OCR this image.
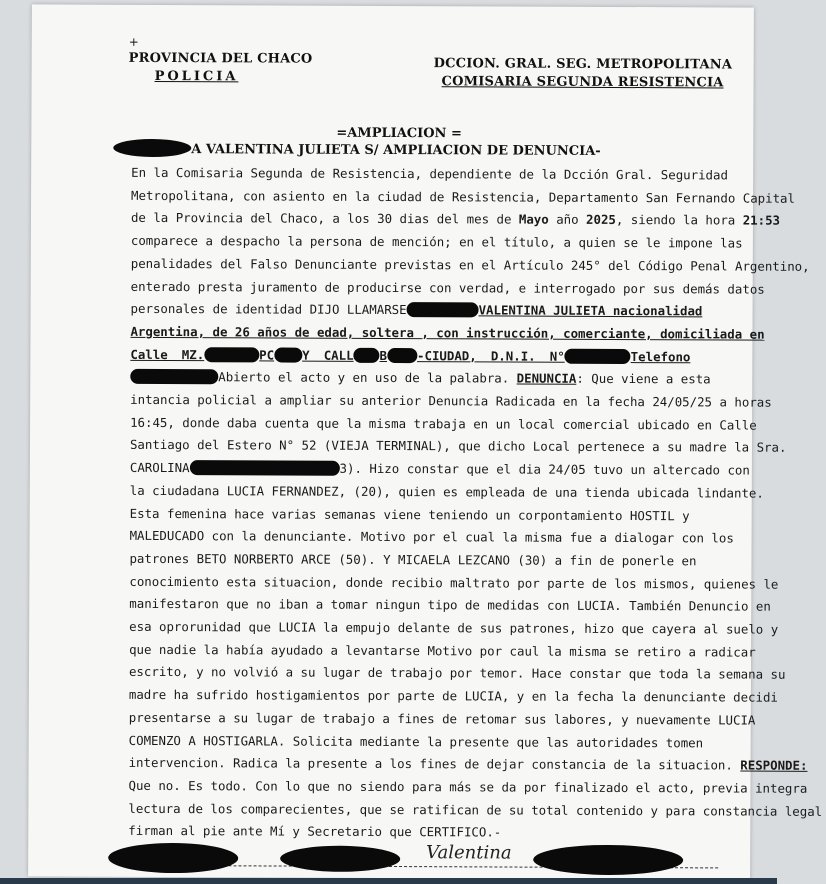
+
PROVINCIA DEL CHACO
POLICIA
DCCION. GRAL. SEG. METROPOLITANA
COMISARIA SEGUNDA RESISTENCIA
=AMPLIACION =
A VALENTINA JULIETA S/ AMPLIACION DE DENUNCIA-
En la Comisaria Segunda de Resistencia, dependiente de la Dcción Gral. Seguridad
Metropolitana, con asiento en la ciudad de Resistencia, Departamento San Fernando Capital
de la Provincia del Chaco, a los 30 dias del mes de Mayo año 2025, siendo la hora 21:53
comparece a despacho la persona de mención; en el título, a quien se le impone las
penalidades del Falso Denunciante previstas en el Artículo 245° del Código Penal Argentino,
enterado presta juramento de producirse con verdad, e interrogado por sus demás datos
personales de identidad DIJO LLAMARSE	VALENTINA JULIETA nacionalidad
Argentina, de 26 años de edad, soltera , con instrucción, comerciante, domiciliada en
Calle MZ.	PC Y CALL B -CIUDAD, D.N.I. N°	Telefono
Abierto el acto y en uso de la palabra. DENUNCIA: Que viene a esta
intancia policial a ampliar su anterior Denuncia Radicada en la fecha 24/05/25 a horas
16:45, donde daba cuenta que la misma trabaja en un local comercial ubicado en Calle
Santiago del Estero N° 52 (VIEJA TERMINAL), que dicho Local pertenece a su madre la Sra.
CAROLINA	3). Hizo constar que el dia 24/05 tuvo un altercado con
la ciudadana LUCIA FERNANDEZ, (20), quien es empleada de una tienda ubicada lindante.
Esta femenina hace varias semanas viene teniendo un corpontamiento HOSTIL y
MALEDUCADO con la denunciante. Motivo por el cual la misma fue a dialogar con los
patrones BETO NORBERTO ARCE (50). Y MICAELA LEZCANO (30) a fin de ponerle en
conocimiento esta situacion, donde recibio maltrato por parte de los mismos, quienes le
manifestaron que no iban a tomar ningun tipo de medidas con LUCIA. También Denuncio en
esa oprorunidad que LUCIA la empujo delante de sus patrones, hizo que cayera al suelo y
que nadie la había ayudado a levantarse Motivo por caul la misma se retiro a radicar
escrito, y no volvió a su lugar de trabajo por temor. Hace constar que toda la semana su
madre ha sufrido hostigamientos por parte de LUCIA, y en la fecha la denunciante decidi
presentarse a su lugar de trabajo a fines de retomar sus labores, y nuevamente LUCIA
COMENZO A HOSTIGARLA. Solicita mediante la presente que las autoridades tomen
intervencion. Radica la presente a los fines de dejar constancia de la situacion. RESPONDE:
Que no. Es todo. Con lo que no siendo para más se da por finalizado el acto, previa integra
lectura de los comparecientes, que se ratifican de su total contenido y para constancia legal
firman al pie ante Mí y Secretario que CERTIFICO.-
Valentina
